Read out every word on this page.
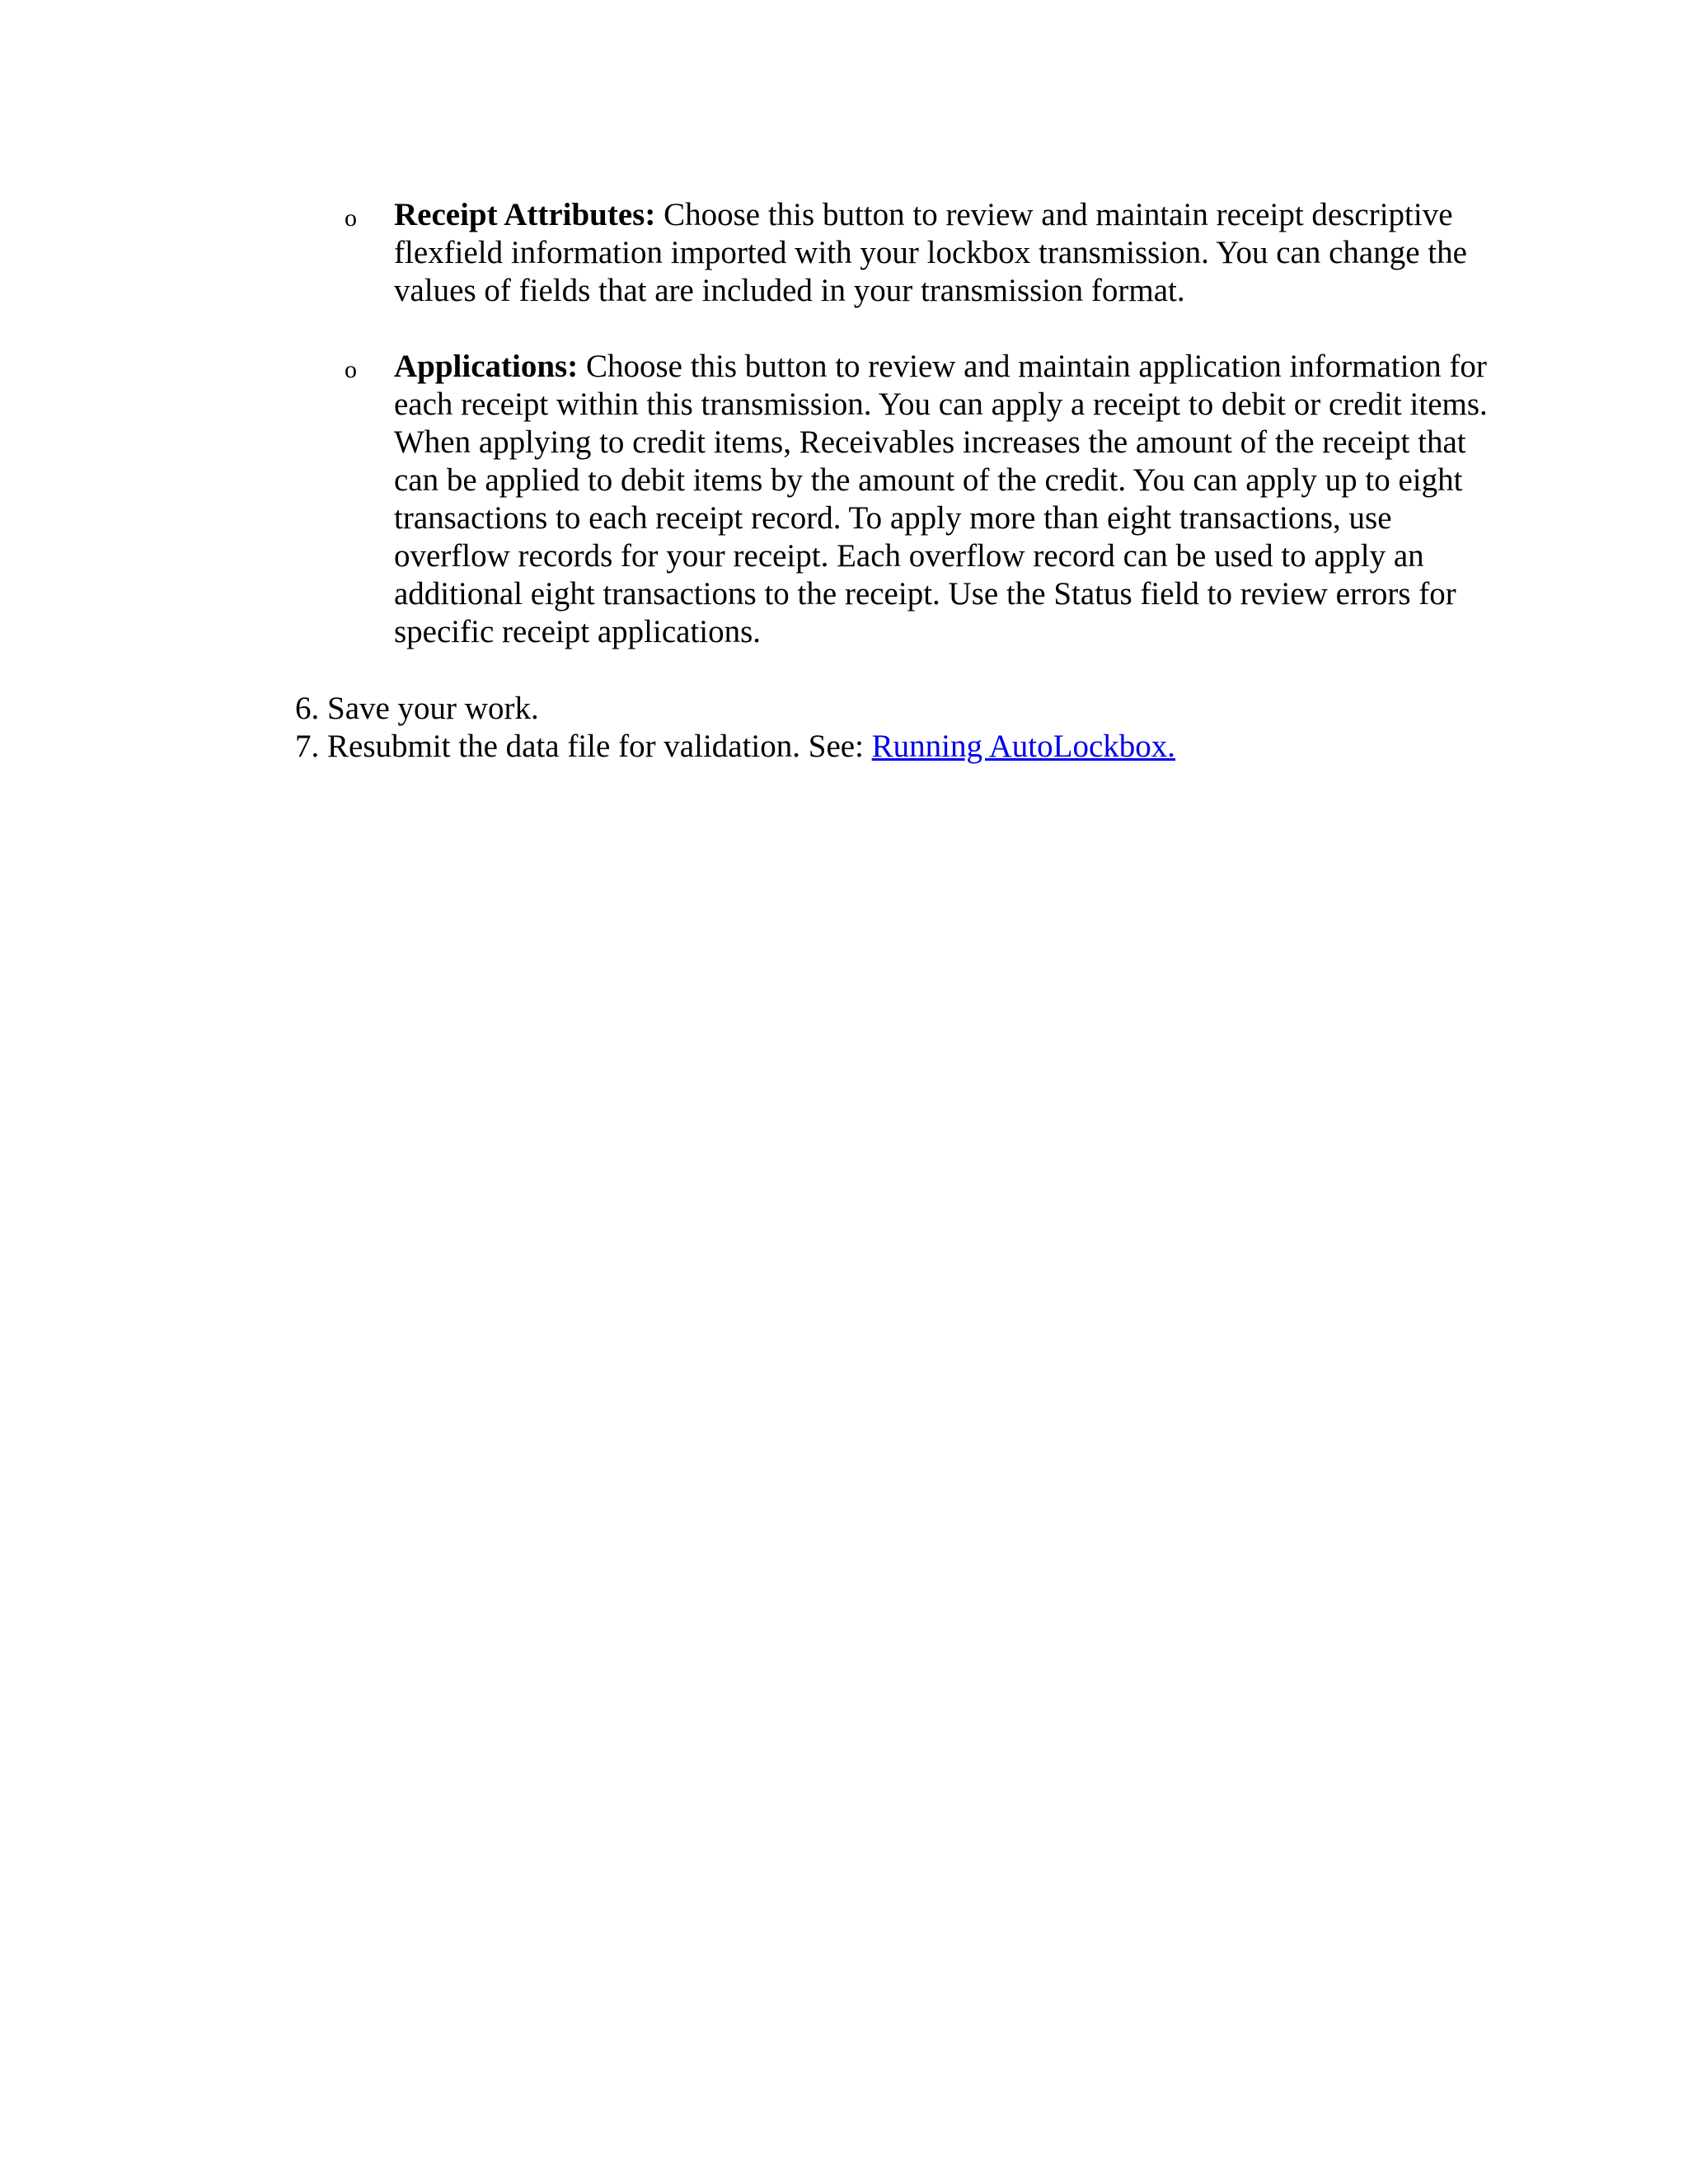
o Receipt Attributes: Choose this button to review and maintain receipt descriptive flexfield information imported with your lockbox transmission. You can change the values of fields that are included in your transmission format.
o Applications: Choose this button to review and maintain application information for each receipt within this transmission. You can apply a receipt to debit or credit items. When applying to credit items, Receivables increases the amount of the receipt that can be applied to debit items by the amount of the credit. You can apply up to eight transactions to each receipt record. To apply more than eight transactions, use overflow records for your receipt. Each overflow record can be used to apply an additional eight transactions to the receipt. Use the Status field to review errors for specific receipt applications.
6. Save your work.
7. Resubmit the data file for validation. See: Running AutoLockbox.
